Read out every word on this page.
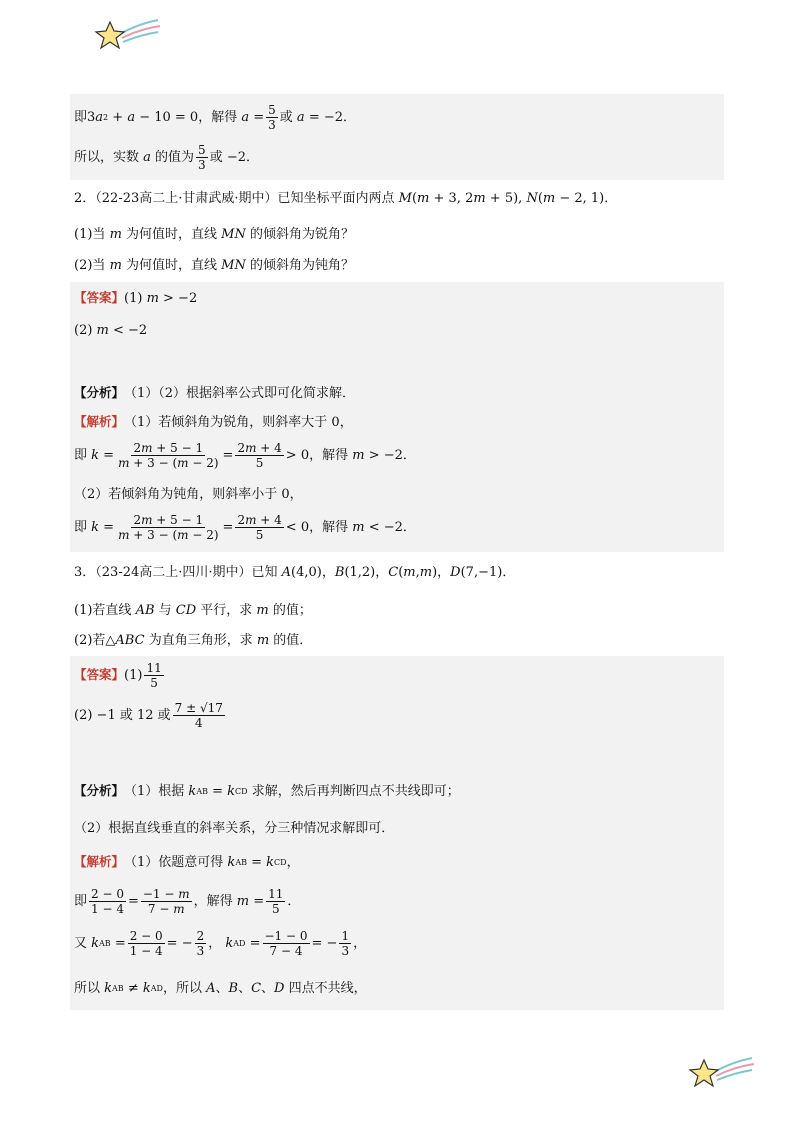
即3 a 2 + a − 10 = 0，解得 $a = \frac{5}{3}$ 或 a = −2．
所以，实数 a 的值为 $\frac{5}{3}$ 或 −2．
2．（22-23高二上·甘肃武威·期中）已知坐标平面内两点 M(m + 3, 2m + 5), N(m − 2, 1)．
(1)当 m 为何值时，直线 MN 的倾斜角为锐角？
(2)当 m 为何值时，直线 MN 的倾斜角为钝角？
【答案】 (1) m > −2
(2) m < −2
【分析】 （1）（2）根据斜率公式即可化简求解．
【解析】 （1）若倾斜角为锐角，则斜率大于 0，
即 $k = \frac{2m + 5 - 1}{m + 3 - (m - 2)} = \frac{2m + 4}{5} > 0$，解得 m > −2．
（2）若倾斜角为钝角，则斜率小于 0，
即 $k = \frac{2m + 5 - 1}{m + 3 - (m - 2)} = \frac{2m + 4}{5} < 0$，解得 m < −2．
3．（23-24高二上·四川·期中）已知 A(4,0)，B(1,2)，C(m,m)，D(7,−1)．
(1)若直线 AB 与 CD 平行，求 m 的值；
(2)若△ABC 为直角三角形，求 m 的值．
【答案】 $(1) \frac{11}{5}$
(2) −1 或 12 或 $\frac{7 \pm √17}{4}$
【分析】 （1）根据 k AB = k CD 求解，然后再判断四点不共线即可；
（2）根据直线垂直的斜率关系，分三种情况求解即可．
【解析】 （1）依题意可得 k AB = k CD ，
即 $\frac{2 - 0}{1 - 4} = \frac{-1 - m}{7 - m}$ ，解得 $m = \frac{11}{5}$ ．
又 k AB = $\frac{2 - 0}{1 - 4}$ = − $\frac{2}{3}$ ， k AD = $\frac{-1 - 0}{7 - 4}$ = − $\frac{1}{3}$ ，
所以 k AB ≠ k AD ，所以 A 、 B 、 C 、 D 四点不共线，
